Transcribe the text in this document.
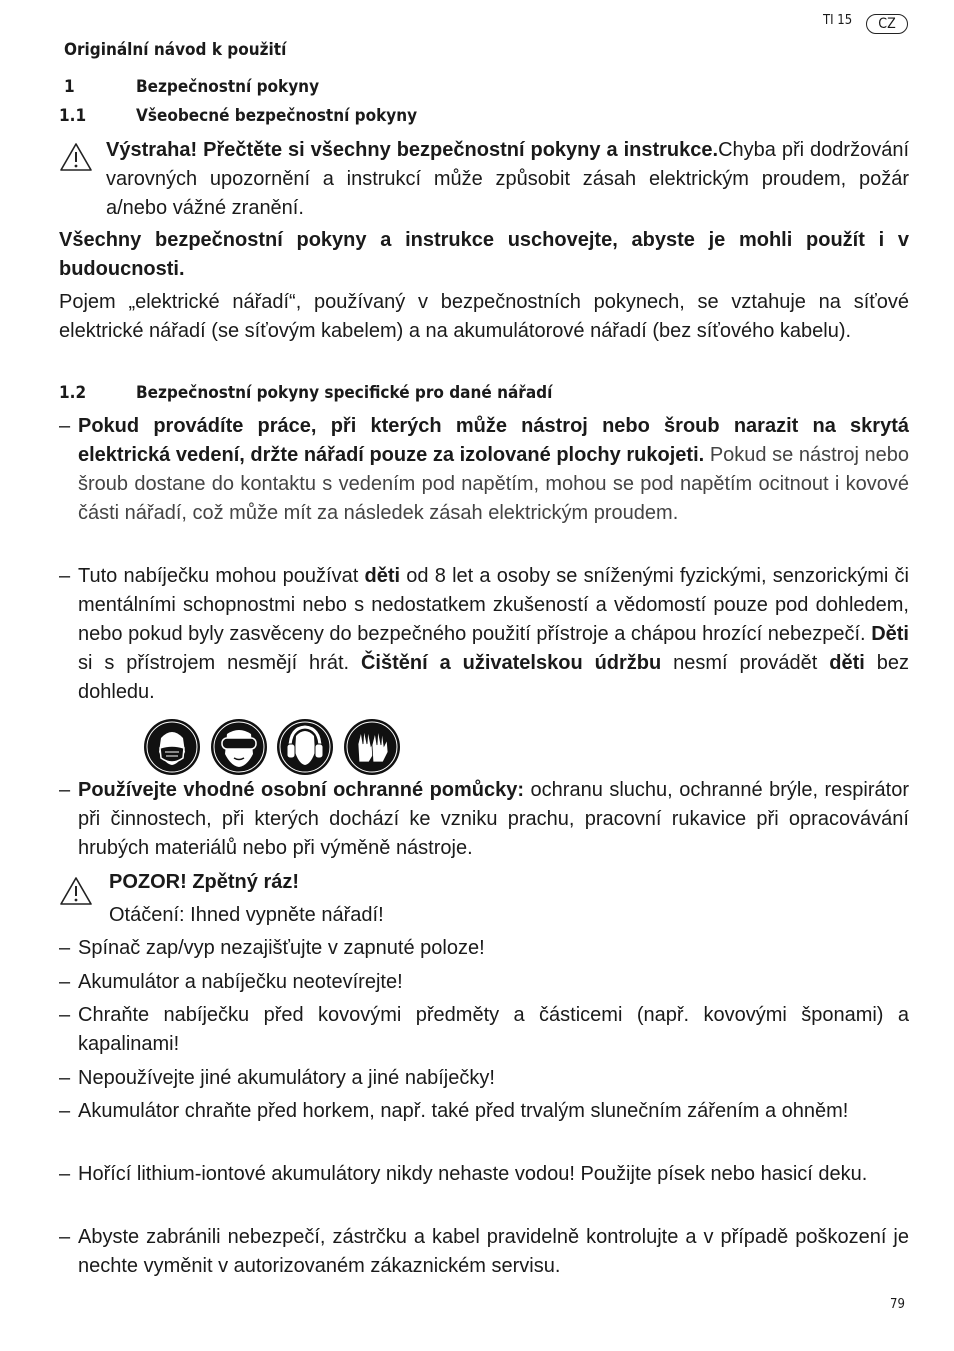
TI 15	CZ
Originální návod k použití
1	Bezpečnostní pokyny
1.1	Všeobecné bezpečnostní pokyny
Výstraha! Přečtěte si všechny bezpečnostní pokyny a instrukce.Chyba při dodržování varovných upozornění a instrukcí může způsobit zásah elektrickým proudem, požár a/nebo vážné zranění.
Všechny bezpečnostní pokyny a instrukce uschovejte, abyste je mohli použít i v budoucnosti.
Pojem „elektrické nářadí“, používaný v bezpečnostních pokynech, se vztahuje na síťové elektrické nářadí (se síťovým kabelem) a na akumulátorové nářadí (bez síťového kabelu).
1.2	Bezpečnostní pokyny specifické pro dané nářadí
– Pokud provádíte práce, při kterých může nástroj nebo šroub narazit na skrytá elektrická vedení, držte nářadí pouze za izolované plochy rukojeti. Pokud se nástroj nebo šroub dostane do kontaktu s vedením pod napětím, mohou se pod napětím ocitnout i kovové části nářadí, což může mít za následek zásah elektrickým proudem.
– Tuto nabíječku mohou používat děti od 8 let a osoby se sníženými fyzickými, senzorickými či mentálními schopnostmi nebo s nedostatkem zkušeností a vědomostí pouze pod dohledem, nebo pokud byly zasvěceny do bezpečného použití přístroje a chápou hrozící nebezpečí. Děti si s přístrojem nesmějí hrát. Čištění a uživatelskou údržbu nesmí provádět děti bez dohledu.

– Používejte vhodné osobní ochranné pomůcky: ochranu sluchu, ochranné brýle, respirátor při činnostech, při kterých dochází ke vzniku prachu, pracovní rukavice při opracovávání hrubých materiálů nebo při výměně nástroje.
POZOR! Zpětný ráz!
Otáčení: Ihned vypněte nářadí!
– Spínač zap/vyp nezajišťujte v zapnuté poloze!
– Akumulátor a nabíječku neotevírejte!
– Chraňte nabíječku před kovovými předměty a částicemi (např. kovovými šponami) a kapalinami!
– Nepoužívejte jiné akumulátory a jiné nabíječky!
– Akumulátor chraňte před horkem, např. také před trvalým slunečním zářením a ohněm!
– Hořící lithium-iontové akumulátory nikdy nehaste vodou! Použijte písek nebo hasicí deku.
– Abyste zabránili nebezpečí, zástrčku a kabel pravidelně kontrolujte a v případě poškození je nechte vyměnit v autorizovaném zákaznickém servisu.
79
